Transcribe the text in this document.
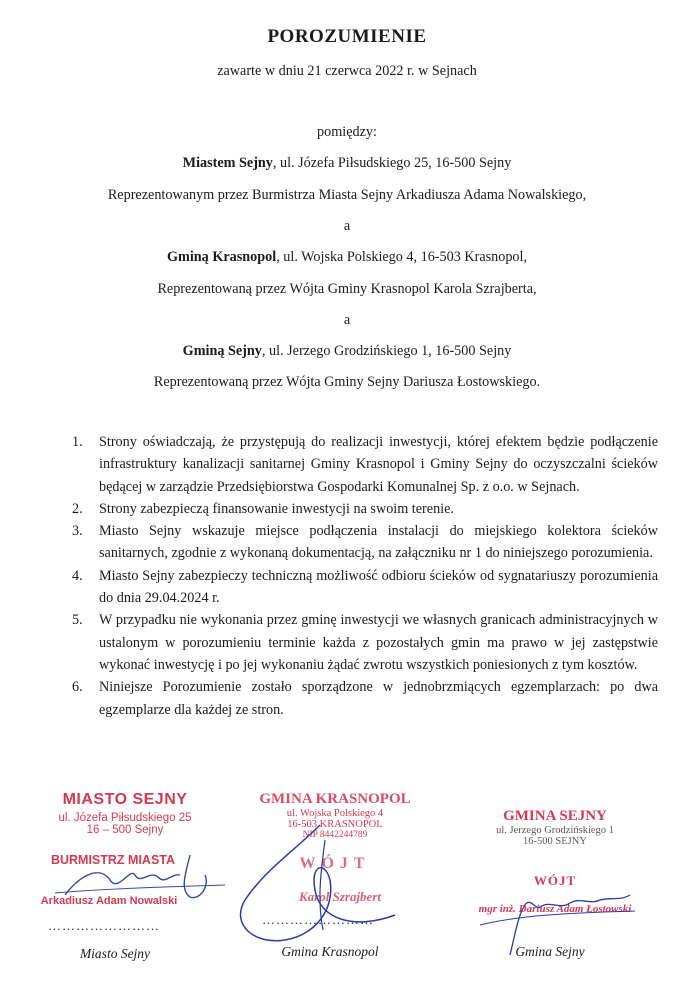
POROZUMIENIE
zawarte w dniu 21 czerwca 2022 r. w Sejnach
pomiędzy:
Miastem Sejny, ul. Józefa Piłsudskiego 25, 16-500 Sejny
Reprezentowanym przez Burmistrza Miasta Sejny Arkadiusza Adama Nowalskiego,
a
Gminą Krasnopol, ul. Wojska Polskiego 4, 16-503 Krasnopol,
Reprezentowaną przez Wójta Gminy Krasnopol Karola Szrajberta,
a
Gminą Sejny, ul. Jerzego Grodzińskiego 1, 16-500 Sejny
Reprezentowaną przez Wójta Gminy Sejny Dariusza Łostowskiego.
1.	Strony oświadczają, że przystępują do realizacji inwestycji, której efektem będzie podłączenie infrastruktury kanalizacji sanitarnej Gminy Krasnopol i Gminy Sejny do oczyszczalni ścieków będącej w zarządzie Przedsiębiorstwa Gospodarki Komunalnej Sp. z o.o. w Sejnach.
2.	Strony zabezpieczą finansowanie inwestycji na swoim terenie.
3.	Miasto Sejny wskazuje miejsce podłączenia instalacji do miejskiego kolektora ścieków sanitarnych, zgodnie z wykonaną dokumentacją, na załączniku nr 1 do niniejszego porozumienia.
4.	Miasto Sejny zabezpieczy techniczną możliwość odbioru ścieków od sygnatariuszy porozumienia do dnia 29.04.2024 r.
5.	W przypadku nie wykonania przez gminę inwestycji we własnych granicach administracyjnych w ustalonym w porozumieniu terminie każda z pozostałych gmin ma prawo w jej zastępstwie wykonać inwestycję i po jej wykonaniu żądać zwrotu wszystkich poniesionych z tym kosztów.
6.	Niniejsze Porozumienie zostało sporządzone w jednobrzmiących egzemplarzach: po dwa egzemplarze dla każdej ze stron.
MIASTO SEJNY
ul. Józefa Piłsudskiego 25
16 – 500 Sejny
BURMISTRZ MIASTA
Arkadiusz Adam Nowalski
……………………
Miasto Sejny
GMINA KRASNOPOL
ul. Wojska Polskiego 4
16-503 KRASNOPOL
NIP 8442244789
WÓJT
Karol Szrajbert
……………………
Gmina Krasnopol
GMINA SEJNY
ul. Jerzego Grodzińskiego 1
16-500 SEJNY
WÓJT
mgr inż. Dariusz Adam Łostowski
Gmina Sejny
